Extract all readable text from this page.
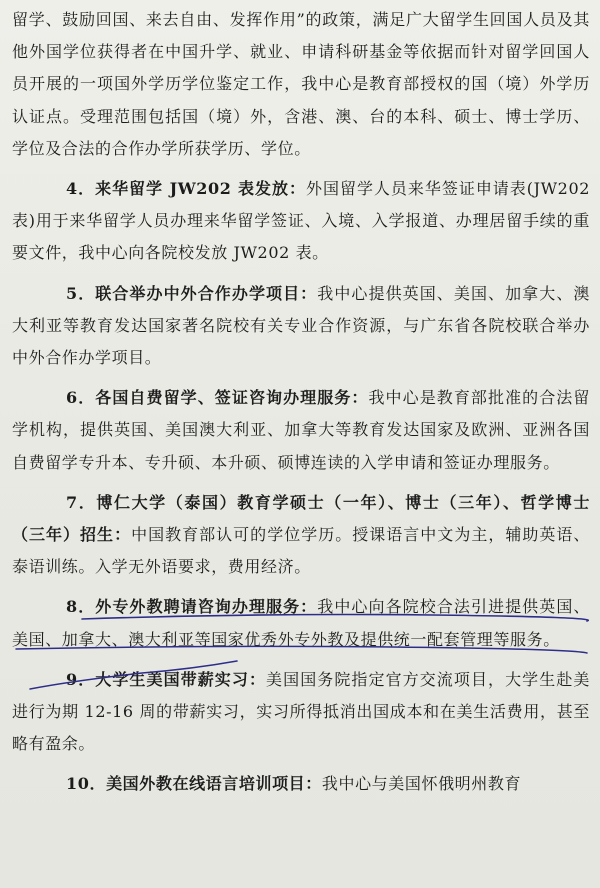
留学、鼓励回国、来去自由、发挥作用”的政策，满足广大留学生回国人员及其他外国学位获得者在中国升学、就业、申请科研基金等依据而针对留学回国人员开展的一项国外学历学位鉴定工作，我中心是教育部授权的国（境）外学历认证点。受理范围包括国（境）外，含港、澳、台的本科、硕士、博士学历、学位及合法的合作办学所获学历、学位。

4．来华留学 JW202 表发放：外国留学人员来华签证申请表(JW202 表)用于来华留学人员办理来华留学签证、入境、入学报道、办理居留手续的重要文件，我中心向各院校发放 JW202 表。

5．联合举办中外合作办学项目：我中心提供英国、美国、加拿大、澳大利亚等教育发达国家著名院校有关专业合作资源，与广东省各院校联合举办中外合作办学项目。

6．各国自费留学、签证咨询办理服务：我中心是教育部批准的合法留学机构，提供英国、美国澳大利亚、加拿大等教育发达国家及欧洲、亚洲各国自费留学专升本、专升硕、本升硕、硕博连读的入学申请和签证办理服务。

7．博仁大学（泰国）教育学硕士（一年）、博士（三年）、哲学博士（三年）招生：中国教育部认可的学位学历。授课语言中文为主，辅助英语、泰语训练。入学无外语要求，费用经济。

8．外专外教聘请咨询办理服务：我中心向各院校合法引进提供英国、美国、加拿大、澳大利亚等国家优秀外专外教及提供统一配套管理等服务。

9．大学生美国带薪实习：美国国务院指定官方交流项目，大学生赴美进行为期 12-16 周的带薪实习，实习所得抵消出国成本和在美生活费用，甚至略有盈余。

10．美国外教在线语言培训项目：我中心与美国怀俄明州教育
